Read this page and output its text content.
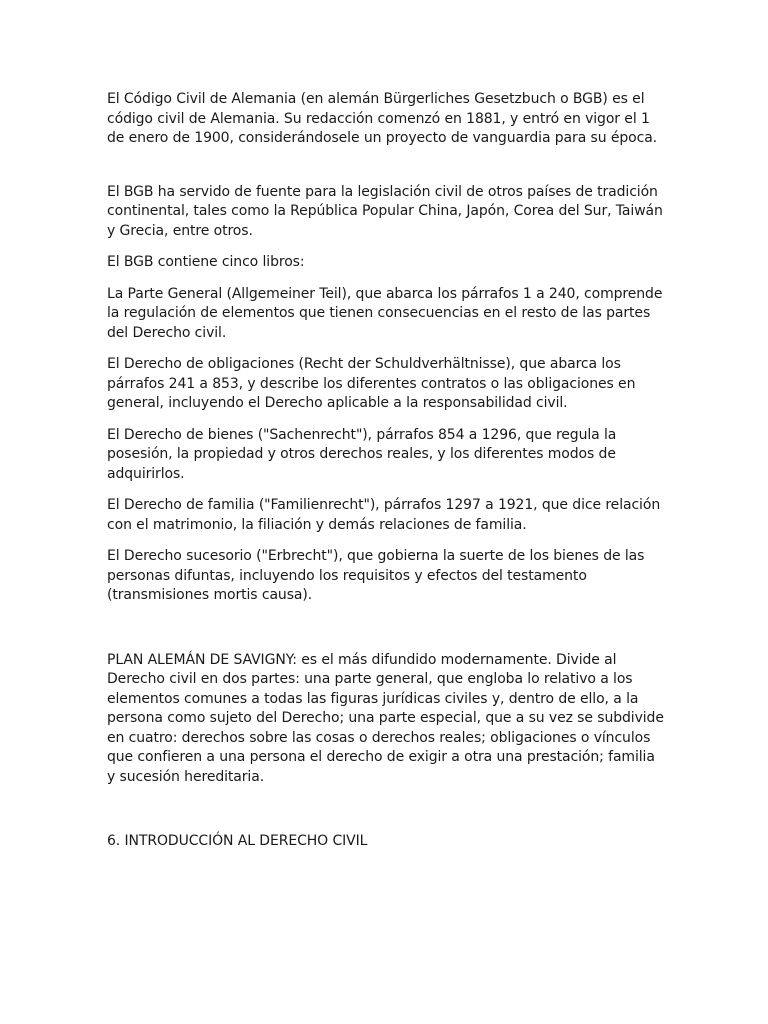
El Código Civil de Alemania (en alemán Bürgerliches Gesetzbuch o BGB) es el código civil de Alemania. Su redacción comenzó en 1881, y entró en vigor el 1 de enero de 1900, considerándosele un proyecto de vanguardia para su época.

El BGB ha servido de fuente para la legislación civil de otros países de tradición continental, tales como la República Popular China, Japón, Corea del Sur, Taiwán y Grecia, entre otros.

El BGB contiene cinco libros:

La Parte General (Allgemeiner Teil), que abarca los párrafos 1 a 240, comprende la regulación de elementos que tienen consecuencias en el resto de las partes del Derecho civil.

El Derecho de obligaciones (Recht der Schuldverhältnisse), que abarca los párrafos 241 a 853, y describe los diferentes contratos o las obligaciones en general, incluyendo el Derecho aplicable a la responsabilidad civil.

El Derecho de bienes ("Sachenrecht"), párrafos 854 a 1296, que regula la posesión, la propiedad y otros derechos reales, y los diferentes modos de adquirirlos.

El Derecho de familia ("Familienrecht"), párrafos 1297 a 1921, que dice relación con el matrimonio, la filiación y demás relaciones de familia.

El Derecho sucesorio ("Erbrecht"), que gobierna la suerte de los bienes de las personas difuntas, incluyendo los requisitos y efectos del testamento (transmisiones mortis causa).

PLAN ALEMÁN DE SAVIGNY: es el más difundido modernamente. Divide al Derecho civil en dos partes: una parte general, que engloba lo relativo a los elementos comunes a todas las figuras jurídicas civiles y, dentro de ello, a la persona como sujeto del Derecho; una parte especial, que a su vez se subdivide en cuatro: derechos sobre las cosas o derechos reales; obligaciones o vínculos que confieren a una persona el derecho de exigir a otra una prestación; familia y sucesión hereditaria.

6. INTRODUCCIÓN AL DERECHO CIVIL
